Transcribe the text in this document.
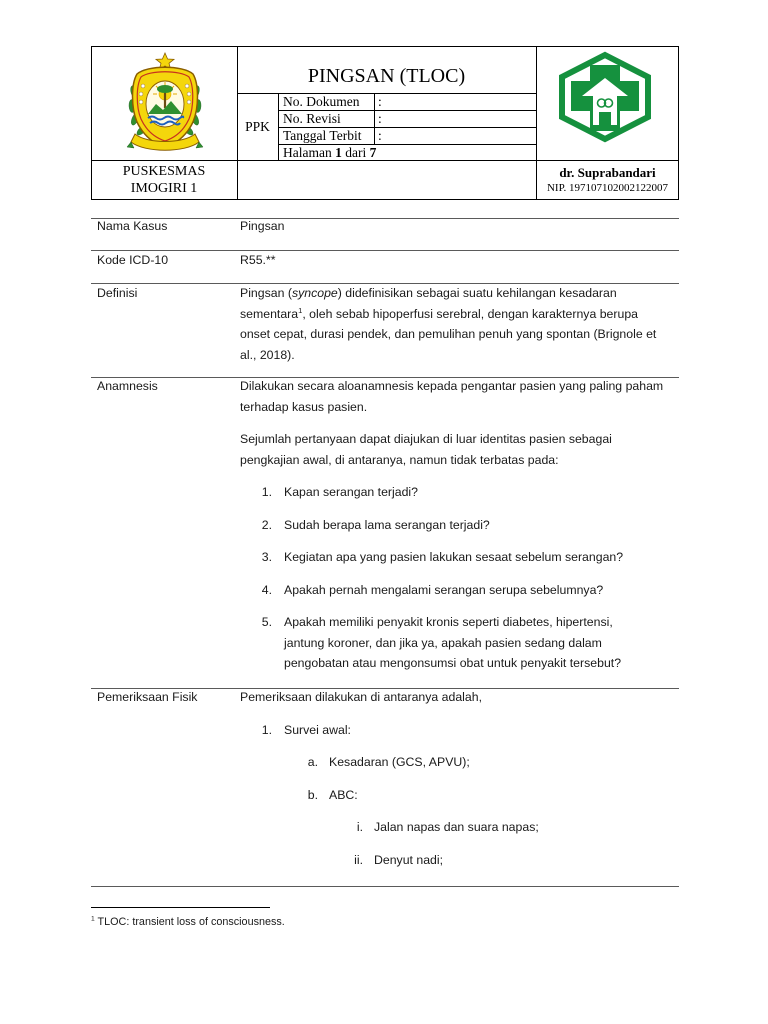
PINGSAN (TLOC)
PPK
No. Dokumen :
No. Revisi	:
Tanggal Terbit :
Halaman 1 dari 7
PUSKESMAS
IMOGIRI 1
dr. Suprabandari
NIP. 197107102002122007
Nama Kasus	Pingsan
Kode ICD-10	R55.**
Definisi	Pingsan (syncope) didefinisikan sebagai suatu kehilangan kesadaran
sementara$^1$, oleh sebab hipoperfusi serebral, dengan karakternya berupa
onset cepat, durasi pendek, dan pemulihan penuh yang spontan (Brignole et
al., 2018).
Anamnesis	Dilakukan secara aloanamnesis kepada pengantar pasien yang paling paham
terhadap kasus pasien.
Sejumlah pertanyaan dapat diajukan di luar identitas pasien sebagai
pengkajian awal, di antaranya, namun tidak terbatas pada:
1. Kapan serangan terjadi?
2. Sudah berapa lama serangan terjadi?
3. Kegiatan apa yang pasien lakukan sesaat sebelum serangan?
4. Apakah pernah mengalami serangan serupa sebelumnya?
5. Apakah memiliki penyakit kronis seperti diabetes, hipertensi,
jantung koroner, dan jika ya, apakah pasien sedang dalam
pengobatan atau mengonsumsi obat untuk penyakit tersebut?
Pemeriksaan Fisik	Pemeriksaan dilakukan di antaranya adalah,
1. Survei awal:
a. Kesadaran (GCS, APVU);
b. ABC:
i. Jalan napas dan suara napas;
ii. Denyut nadi;
$^1$ TLOC: transient loss of consciousness.
